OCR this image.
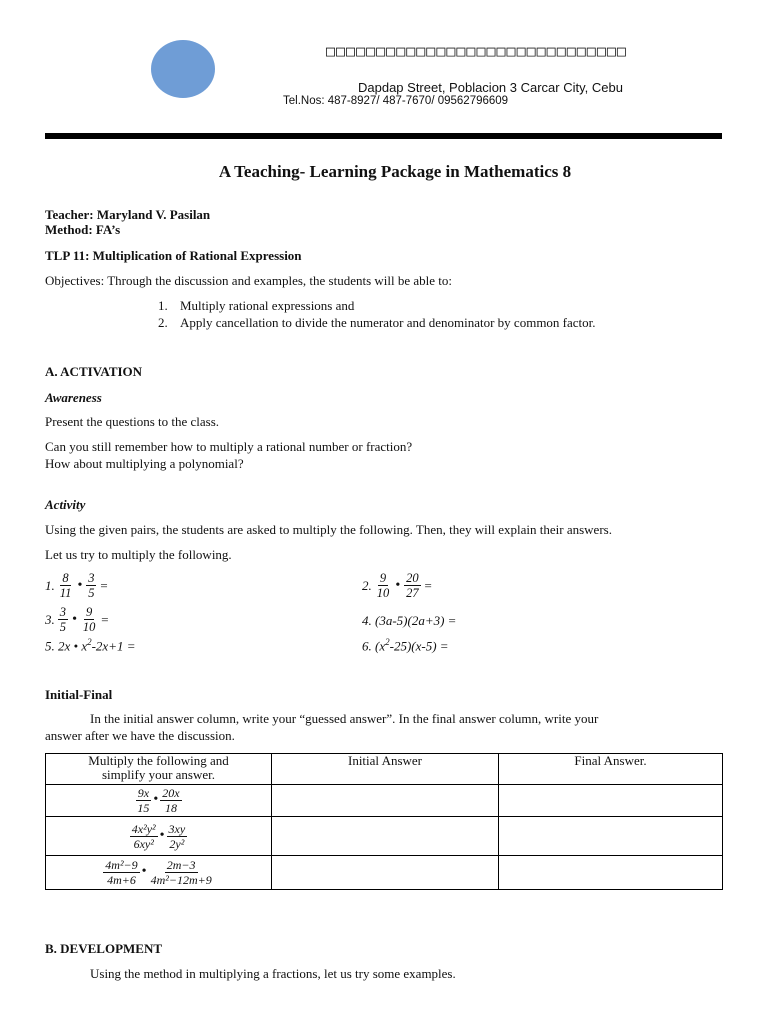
□□□□□□□□□□□□□□□□□□□□□□□□□□□□□□
Dapdap Street, Poblacion 3 Carcar City, Cebu
Tel.Nos: 487-8927/ 487-7670/ 09562796609
A Teaching- Learning Package in Mathematics 8
Teacher: Maryland V. Pasilan
Method: FA’s
TLP 11: Multiplication of Rational Expression
Objectives: Through the discussion and examples, the students will be able to:
1. Multiply rational expressions and
2. Apply cancellation to divide the numerator and denominator by common factor.
A. ACTIVATION
Awareness
Present the questions to the class.
Can you still remember how to multiply a rational number or fraction?
How about multiplying a polynomial?
Activity
Using the given pairs, the students are asked to multiply the following. Then, they will explain their answers.
Let us try to multiply the following.
1. $\frac{8}{11}$ • $\frac{3}{5}$ =	2. $\frac{9}{10}$ • $\frac{20}{27}$ =
3. $\frac{3}{5}$ • $\frac{9}{10}$ =	4. (3a-5)(2a+3) =
5. 2x • $x^2-2x+1$ =	6. $(x^2-25)(x-5)$ =
Initial-Final
In the initial answer column, write your “guessed answer”. In the final answer column, write your
answer after we have the discussion.
Multiply the following and
simplify your answer.	Initial Answer	Final Answer.

$\frac{9x}{15}$ • $\frac{20x}{18}$

$\frac{\text{4x²y²}}{\text{6xy²}}$ • $\frac{3xy}{\text{2y²}}$

$\frac{\text{4m²−9}}{4m+6}$ • $\frac{2m-3}{\text{4m²−12m+9}}$

B. DEVELOPMENT
Using the method in multiplying a fractions, let us try some examples.
